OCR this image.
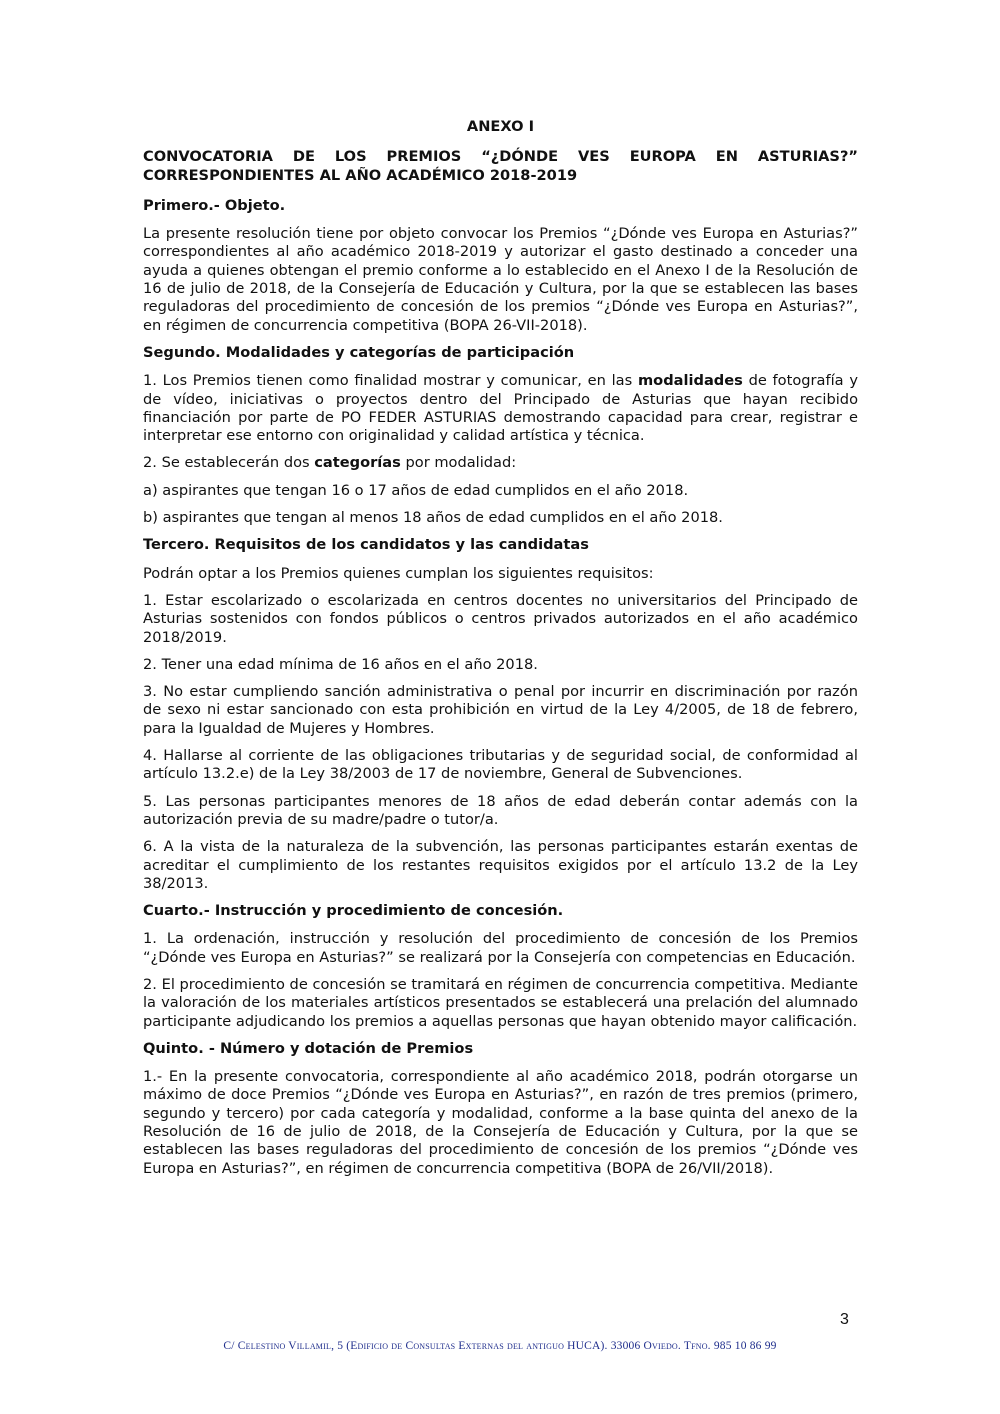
ANEXO I

CONVOCATORIA DE LOS PREMIOS “¿DÓNDE VES EUROPA EN ASTURIAS?” CORRESPONDIENTES AL AÑO ACADÉMICO 2018-2019

Primero.- Objeto.

La presente resolución tiene por objeto convocar los Premios “¿Dónde ves Europa en Asturias?” correspondientes al año académico 2018-2019 y autorizar el gasto destinado a conceder una ayuda a quienes obtengan el premio conforme a lo establecido en el Anexo I de la Resolución de 16 de julio de 2018, de la Consejería de Educación y Cultura, por la que se establecen las bases reguladoras del procedimiento de concesión de los premios “¿Dónde ves Europa en Asturias?”, en régimen de concurrencia competitiva (BOPA 26-VII-2018).

Segundo. Modalidades y categorías de participación

1. Los Premios tienen como finalidad mostrar y comunicar, en las modalidades de fotografía y de vídeo, iniciativas o proyectos dentro del Principado de Asturias que hayan recibido financiación por parte de PO FEDER ASTURIAS demostrando capacidad para crear, registrar e interpretar ese entorno con originalidad y calidad artística y técnica.

2. Se establecerán dos categorías por modalidad:

a) aspirantes que tengan 16 o 17 años de edad cumplidos en el año 2018.

b) aspirantes que tengan al menos 18 años de edad cumplidos en el año 2018.

Tercero. Requisitos de los candidatos y las candidatas

Podrán optar a los Premios quienes cumplan los siguientes requisitos:

1. Estar escolarizado o escolarizada en centros docentes no universitarios del Principado de Asturias sostenidos con fondos públicos o centros privados autorizados en el año académico 2018/2019.

2. Tener una edad mínima de 16 años en el año 2018.

3. No estar cumpliendo sanción administrativa o penal por incurrir en discriminación por razón de sexo ni estar sancionado con esta prohibición en virtud de la Ley 4/2005, de 18 de febrero, para la Igualdad de Mujeres y Hombres.

4. Hallarse al corriente de las obligaciones tributarias y de seguridad social, de conformidad al artículo 13.2.e) de la Ley 38/2003 de 17 de noviembre, General de Subvenciones.

5. Las personas participantes menores de 18 años de edad deberán contar además con la autorización previa de su madre/padre o tutor/a.

6. A la vista de la naturaleza de la subvención, las personas participantes estarán exentas de acreditar el cumplimiento de los restantes requisitos exigidos por el artículo 13.2 de la Ley 38/2013.

Cuarto.- Instrucción y procedimiento de concesión.

1. La ordenación, instrucción y resolución del procedimiento de concesión de los Premios “¿Dónde ves Europa en Asturias?” se realizará por la Consejería con competencias en Educación.

2. El procedimiento de concesión se tramitará en régimen de concurrencia competitiva. Mediante la valoración de los materiales artísticos presentados se establecerá una prelación del alumnado participante adjudicando los premios a aquellas personas que hayan obtenido mayor calificación.

Quinto. - Número y dotación de Premios

1.- En la presente convocatoria, correspondiente al año académico 2018, podrán otorgarse un máximo de doce Premios “¿Dónde ves Europa en Asturias?”, en razón de tres premios (primero, segundo y tercero) por cada categoría y modalidad, conforme a la base quinta del anexo de la Resolución de 16 de julio de 2018, de la Consejería de Educación y Cultura, por la que se establecen las bases reguladoras del procedimiento de concesión de los premios “¿Dónde ves Europa en Asturias?”, en régimen de concurrencia competitiva (BOPA de 26/VII/2018).

3
C/ Celestino Villamil, 5 (Edificio de Consultas Externas del antiguo HUCA). 33006 Oviedo. Tfno. 985 10 86 99
